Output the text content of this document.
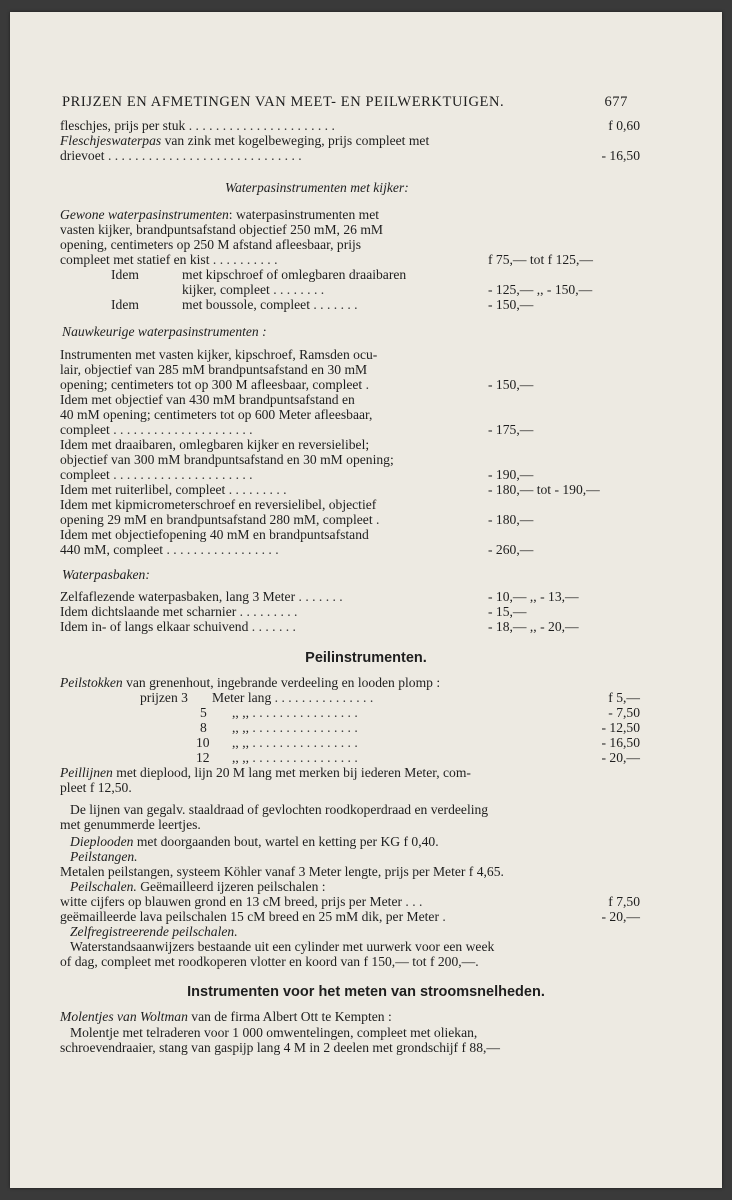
PRIJZEN EN AFMETINGEN VAN MEET- EN PEILWERKTUIGEN.	677
fleschjes, prijs per stuk . . . . . . . . . . . . . . . . . . . . . .	f 0,60
Fleschjeswaterpas van zink met kogelbeweging, prijs compleet met
drievoet . . . . . . . . . . . . . . . . . . . . . . . . . . . . .	- 16,50
Waterpasinstrumenten met kijker:
Gewone waterpasinstrumenten: waterpasinstrumenten met
vasten kijker, brandpuntsafstand objectief 250 mM, 26 mM
opening, centimeters op 250 M afstand afleesbaar, prijs
compleet met statief en kist . . . . . . . . . .	f 75,— tot f 125,—
Idem	met kipschroef of omlegbaren draaibaren
kijker, compleet . . . . . . . .	- 125,— ,, - 150,—
Idem	met boussole, compleet . . . . . . .	- 150,—
Nauwkeurige waterpasinstrumenten :
Instrumenten met vasten kijker, kipschroef, Ramsden ocu-
lair, objectief van 285 mM brandpuntsafstand en 30 mM
opening; centimeters tot op 300 M afleesbaar, compleet .	- 150,—
Idem met objectief van 430 mM brandpuntsafstand en
40 mM opening; centimeters tot op 600 Meter afleesbaar,
compleet . . . . . . . . . . . . . . . . . . . . .	- 175,—
Idem met draaibaren, omlegbaren kijker en reversielibel;
objectief van 300 mM brandpuntsafstand en 30 mM opening;
compleet . . . . . . . . . . . . . . . . . . . . .	- 190,—
Idem met ruiterlibel, compleet . . . . . . . . .	- 180,— tot - 190,—
Idem met kipmicrometerschroef en reversielibel, objectief
opening 29 mM en brandpuntsafstand 280 mM, compleet .	- 180,—
Idem met objectiefopening 40 mM en brandpuntsafstand
440 mM, compleet . . . . . . . . . . . . . . . . .	- 260,—
Waterpasbaken:
Zelfaflezende waterpasbaken, lang 3 Meter . . . . . . .	- 10,— ,, - 13,—
Idem dichtslaande met scharnier . . . . . . . . .	- 15,—
Idem in- of langs elkaar schuivend . . . . . . .	- 18,— ,, - 20,—
Peilinstrumenten.
Peilstokken van grenenhout, ingebrande verdeeling en looden plomp :
prijzen 3 Meter lang . . . . . . . . . . . . . . .	f 5,—
5 ,, ,, . . . . . . . . . . . . . . . .	- 7,50
8 ,, ,, . . . . . . . . . . . . . . . .	- 12,50
10 ,, ,, . . . . . . . . . . . . . . . .	- 16,50
12 ,, ,, . . . . . . . . . . . . . . . .	- 20,—
Peillijnen met dieplood, lijn 20 M lang met merken bij iederen Meter, com-
pleet f 12,50.
De lijnen van gegalv. staaldraad of gevlochten roodkoperdraad en verdeeling
met genummerde leertjes.
Dieplooden met doorgaanden bout, wartel en ketting per KG f 0,40.
Peilstangen.
Metalen peilstangen, systeem Köhler vanaf 3 Meter lengte, prijs per Meter f 4,65.
Peilschalen. Geëmailleerd ijzeren peilschalen :
witte cijfers op blauwen grond en 13 cM breed, prijs per Meter . . .	f 7,50
geëmailleerde lava peilschalen 15 cM breed en 25 mM dik, per Meter .	- 20,—
Zelfregistreerende peilschalen.
Waterstandsaanwijzers bestaande uit een cylinder met uurwerk voor een week
of dag, compleet met roodkoperen vlotter en koord van f 150,— tot f 200,—.
Instrumenten voor het meten van stroomsnelheden.
Molentjes van Woltman van de firma Albert Ott te Kempten :
Molentje met telraderen voor 1 000 omwentelingen, compleet met oliekan,
schroevendraaier, stang van gaspijp lang 4 M in 2 deelen met grondschijf f 88,—
